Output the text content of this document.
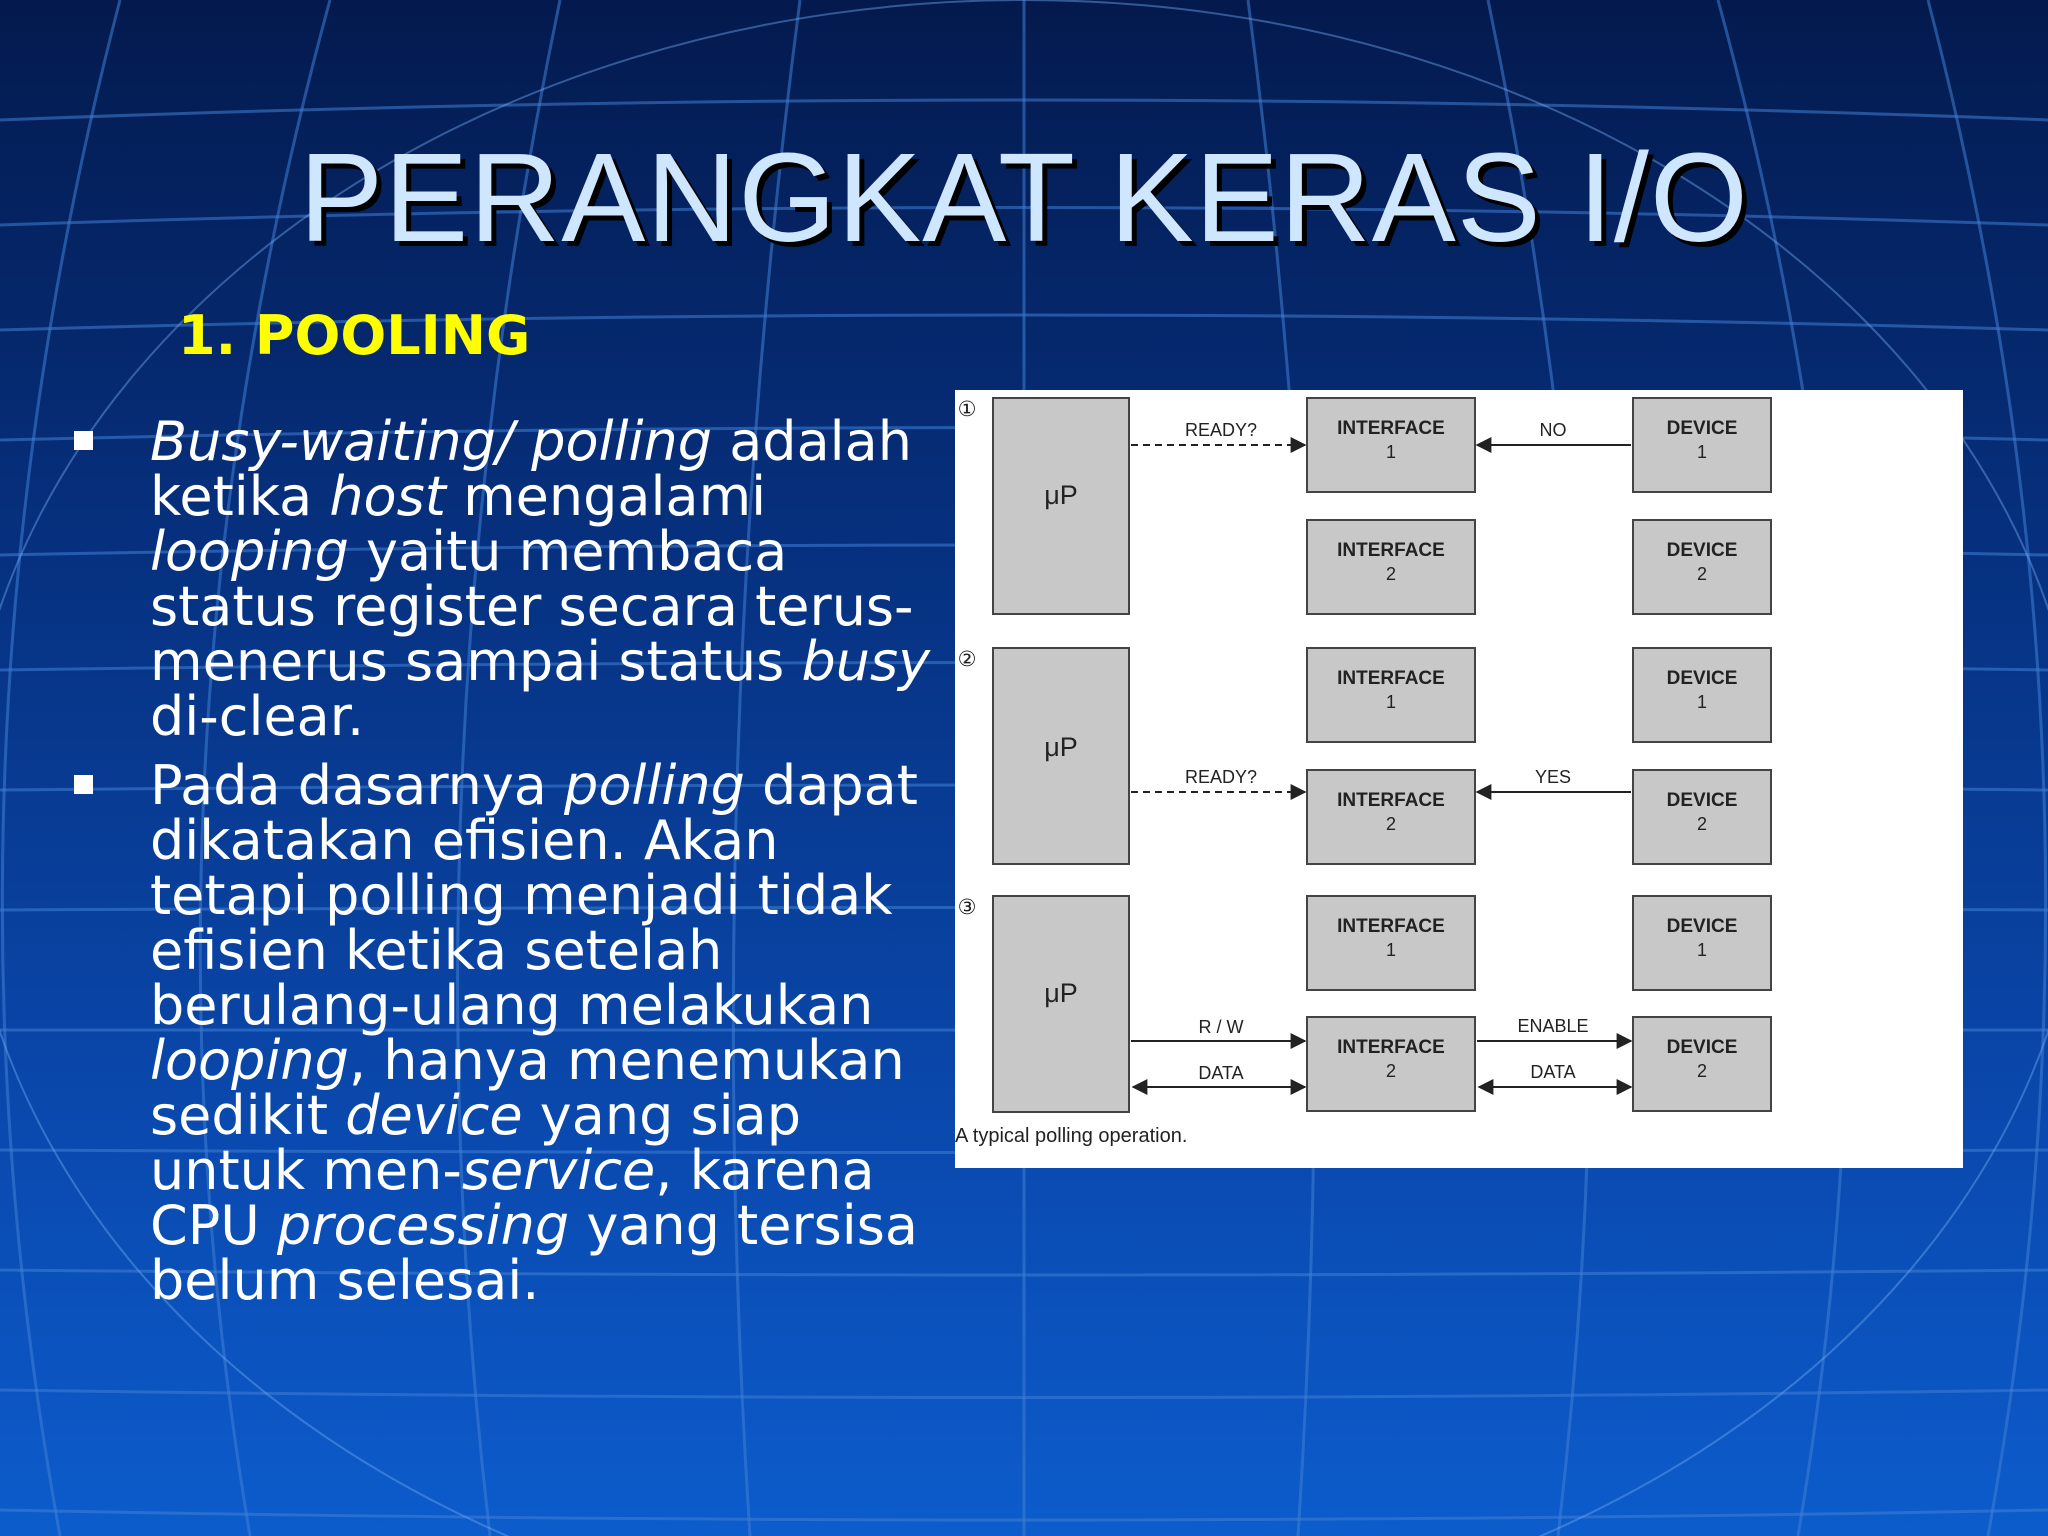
PERANGKAT KERAS I/O
1. POOLING
Busy-waiting/ polling adalah ketika host mengalami looping yaitu membaca status register secara terus-menerus sampai status busy di-clear.
Pada dasarnya polling dapat dikatakan efisien. Akan tetapi polling menjadi tidak efisien ketika setelah berulang-ulang melakukan looping, hanya menemukan sedikit device yang siap untuk men-service, karena CPU processing yang tersisa belum selesai.
①
μP
INTERFACE
1
INTERFACE
2
DEVICE
1
DEVICE
2
READY?	NO
②
μP
INTERFACE
1
INTERFACE
2
DEVICE
1
DEVICE
2
READY?	YES
③
μP
INTERFACE
1
INTERFACE
2
DEVICE
1
DEVICE
2
R / W
DATA
ENABLE
DATA
A typical polling operation.
